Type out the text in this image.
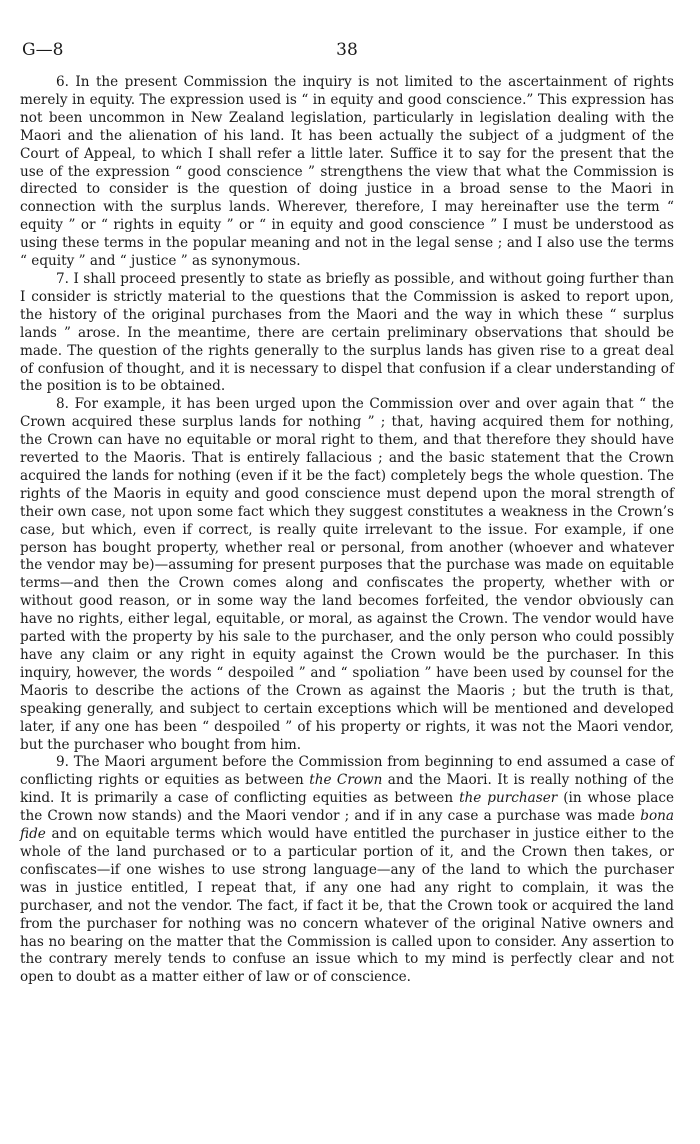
G—8	38

6. In the present Commission the inquiry is not limited to the ascertainment of rights merely in equity. The expression used is “ in equity and good conscience.” This expression has not been uncommon in New Zealand legislation, particularly in legislation dealing with the Maori and the alienation of his land. It has been actually the subject of a judgment of the Court of Appeal, to which I shall refer a little later. Suffice it to say for the present that the use of the expression “ good conscience ” strengthens the view that what the Commission is directed to consider is the question of doing justice in a broad sense to the Maori in connection with the surplus lands. Wherever, therefore, I may hereinafter use the term “ equity ” or “ rights in equity ” or “ in equity and good conscience ” I must be understood as using these terms in the popular meaning and not in the legal sense ; and I also use the terms “ equity ” and “ justice ” as synonymous.

7. I shall proceed presently to state as briefly as possible, and without going further than I consider is strictly material to the questions that the Commission is asked to report upon, the history of the original purchases from the Maori and the way in which these “ surplus lands ” arose. In the meantime, there are certain preliminary observations that should be made. The question of the rights generally to the surplus lands has given rise to a great deal of confusion of thought, and it is necessary to dispel that confusion if a clear understanding of the position is to be obtained.

8. For example, it has been urged upon the Commission over and over again that “ the Crown acquired these surplus lands for nothing ” ; that, having acquired them for nothing, the Crown can have no equitable or moral right to them, and that therefore they should have reverted to the Maoris. That is entirely fallacious ; and the basic statement that the Crown acquired the lands for nothing (even if it be the fact) completely begs the whole question. The rights of the Maoris in equity and good conscience must depend upon the moral strength of their own case, not upon some fact which they suggest constitutes a weakness in the Crown’s case, but which, even if correct, is really quite irrelevant to the issue. For example, if one person has bought property, whether real or personal, from another (whoever and whatever the vendor may be)—assuming for present purposes that the purchase was made on equitable terms—and then the Crown comes along and confiscates the property, whether with or without good reason, or in some way the land becomes forfeited, the vendor obviously can have no rights, either legal, equitable, or moral, as against the Crown. The vendor would have parted with the property by his sale to the purchaser, and the only person who could possibly have any claim or any right in equity against the Crown would be the purchaser. In this inquiry, however, the words “ despoiled ” and “ spoliation ” have been used by counsel for the Maoris to describe the actions of the Crown as against the Maoris ; but the truth is that, speaking generally, and subject to certain exceptions which will be mentioned and developed later, if any one has been “ despoiled ” of his property or rights, it was not the Maori vendor, but the purchaser who bought from him.

9. The Maori argument before the Commission from beginning to end assumed a case of conflicting rights or equities as between the Crown and the Maori. It is really nothing of the kind. It is primarily a case of conflicting equities as between the purchaser (in whose place the Crown now stands) and the Maori vendor ; and if in any case a purchase was made bona fide and on equitable terms which would have entitled the purchaser in justice either to the whole of the land purchased or to a particular portion of it, and the Crown then takes, or confiscates—if one wishes to use strong language—any of the land to which the purchaser was in justice entitled, I repeat that, if any one had any right to complain, it was the purchaser, and not the vendor. The fact, if fact it be, that the Crown took or acquired the land from the purchaser for nothing was no concern whatever of the original Native owners and has no bearing on the matter that the Commission is called upon to consider. Any assertion to the contrary merely tends to confuse an issue which to my mind is perfectly clear and not open to doubt as a matter either of law or of conscience.
